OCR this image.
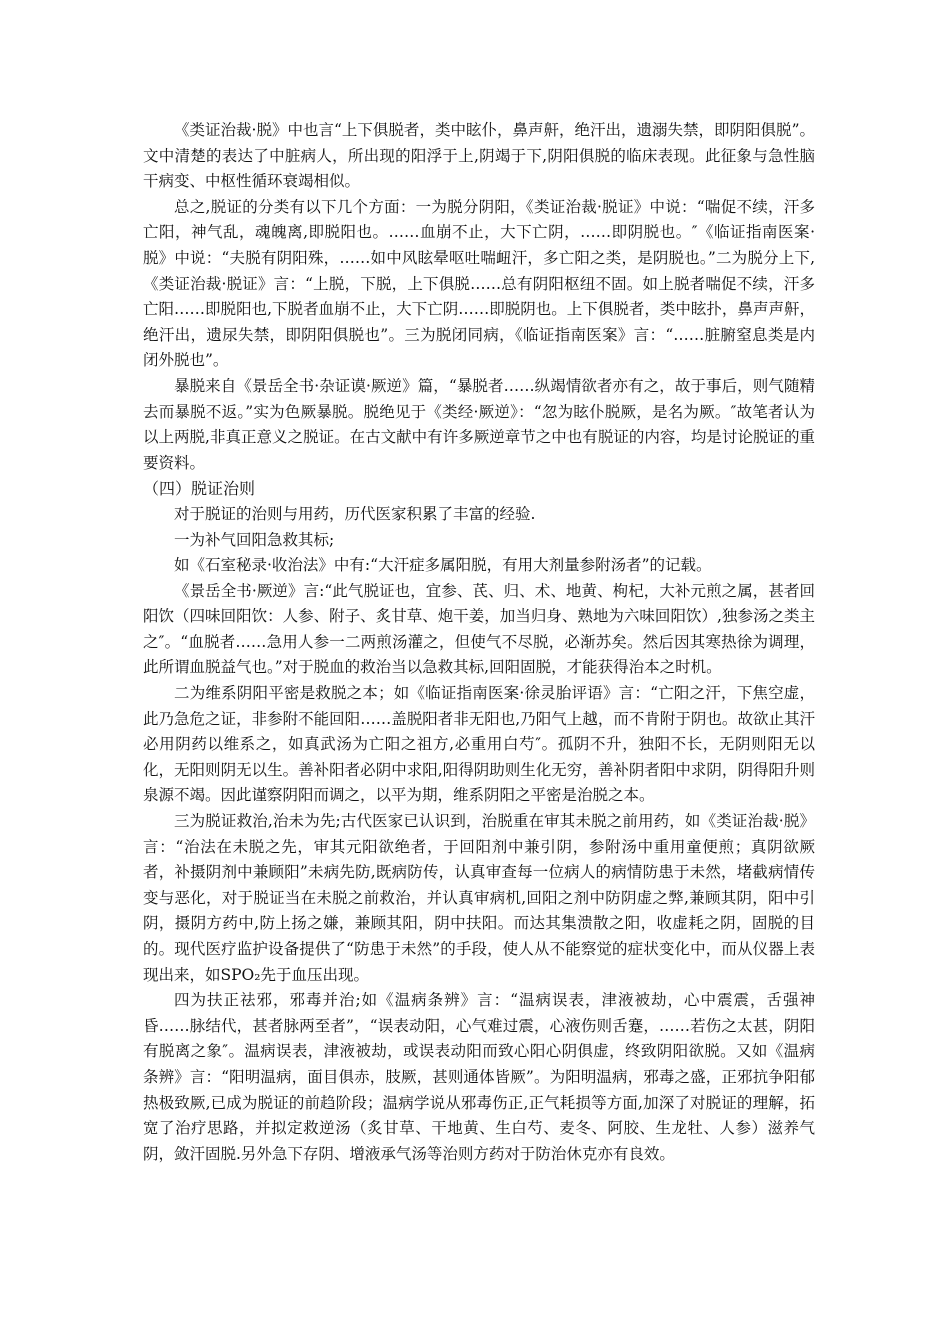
《类证治裁·脱》中也言“上下俱脱者，类中眩仆，鼻声鼾，绝汗出，遗溺失禁，即阴阳俱脱”。文中清楚的表达了中脏病人，所出现的阳浮于上,阴竭于下,阴阳俱脱的临床表现。此征象与急性脑干病变、中枢性循环衰竭相似。

总之,脱证的分类有以下几个方面：一为脱分阴阳，《类证治裁·脱证》中说：“喘促不续，汗多亡阳，神气乱，魂魄离,即脱阳也。……血崩不止，大下亡阴，……即阴脱也。″《临证指南医案·脱》中说：“夫脱有阴阳殊，……如中风眩晕呕吐喘衄汗，多亡阳之类，是阴脱也。”二为脱分上下,《类证治裁·脱证》言：“上脱，下脱，上下俱脱……总有阴阳枢纽不固。如上脱者喘促不续，汗多亡阳……即脱阳也,下脱者血崩不止，大下亡阴……即脱阴也。上下俱脱者，类中眩扑，鼻声声鼾，绝汗出，遗尿失禁，即阴阳俱脱也”。三为脱闭同病，《临证指南医案》言：“……脏腑窒息类是内闭外脱也”。

暴脱来自《景岳全书·杂证谟·厥逆》篇，“暴脱者……纵竭情欲者亦有之，故于事后，则气随精去而暴脱不返。”实为色厥暴脱。脱绝见于《类经·厥逆》：“忽为眩仆脱厥，是名为厥。″故笔者认为以上两脱,非真正意义之脱证。在古文献中有许多厥逆章节之中也有脱证的内容，均是讨论脱证的重要资料。

（四）脱证治则

对于脱证的治则与用药，历代医家积累了丰富的经验.

一为补气回阳急救其标;

如《石室秘录·收治法》中有:“大汗症多属阳脱，有用大剂量参附汤者”的记载。

《景岳全书·厥逆》言:“此气脱证也，宜参、芪、归、术、地黄、枸杞，大补元煎之属，甚者回阳饮（四味回阳饮：人参、附子、炙甘草、炮干姜，加当归身、熟地为六味回阳饮）,独参汤之类主之″。“血脱者……急用人参一二两煎汤灌之，但使气不尽脱，必渐苏矣。然后因其寒热徐为调理，此所谓血脱益气也。”对于脱血的救治当以急救其标,回阳固脱，才能获得治本之时机。

二为维系阴阳平密是救脱之本；如《临证指南医案·徐灵胎评语》言：“亡阳之汗，下焦空虚，此乃急危之证，非参附不能回阳……盖脱阳者非无阳也,乃阳气上越，而不肯附于阴也。故欲止其汗必用阴药以维系之，如真武汤为亡阳之祖方,必重用白芍″。孤阴不升，独阳不长，无阴则阳无以化，无阳则阴无以生。善补阳者必阴中求阳,阳得阴助则生化无穷，善补阴者阳中求阴，阴得阳升则泉源不竭。因此谨察阴阳而调之，以平为期，维系阴阳之平密是治脱之本。

三为脱证救治,治未为先;古代医家已认识到，治脱重在审其未脱之前用药，如《类证治裁·脱》言：“治法在未脱之先，审其元阳欲绝者，于回阳剂中兼引阴，参附汤中重用童便煎；真阴欲厥者，补摄阴剂中兼顾阳”未病先防,既病防传，认真审查每一位病人的病情防患于未然，堵截病情传变与恶化，对于脱证当在未脱之前救治，并认真审病机,回阳之剂中防阴虚之弊,兼顾其阴，阳中引阴，摄阴方药中,防上扬之嫌，兼顾其阳，阴中扶阳。而达其集溃散之阳，收虚耗之阴，固脱的目的。现代医疗监护设备提供了“防患于未然”的手段，使人从不能察觉的症状变化中，而从仪器上表现出来，如SPO₂先于血压出现。

四为扶正祛邪，邪毒并治;如《温病条辨》言：“温病误表，津液被劫，心中震震，舌强神昏……脉结代，甚者脉两至者”，“误表动阳，心气难过震，心液伤则舌蹇，……若伤之太甚，阴阳有脱离之象″。温病误表，津液被劫，或误表动阳而致心阳心阴俱虚，终致阴阳欲脱。又如《温病条辨》言：“阳明温病，面目俱赤，肢厥，甚则通体皆厥”。为阳明温病，邪毒之盛，正邪抗争阳郁热极致厥,已成为脱证的前趋阶段；温病学说从邪毒伤正,正气耗损等方面,加深了对脱证的理解，拓宽了治疗思路，并拟定救逆汤（炙甘草、干地黄、生白芍、麦冬、阿胶、生龙牡、人参）滋养气阴，敛汗固脱.另外急下存阴、增液承气汤等治则方药对于防治休克亦有良效。
